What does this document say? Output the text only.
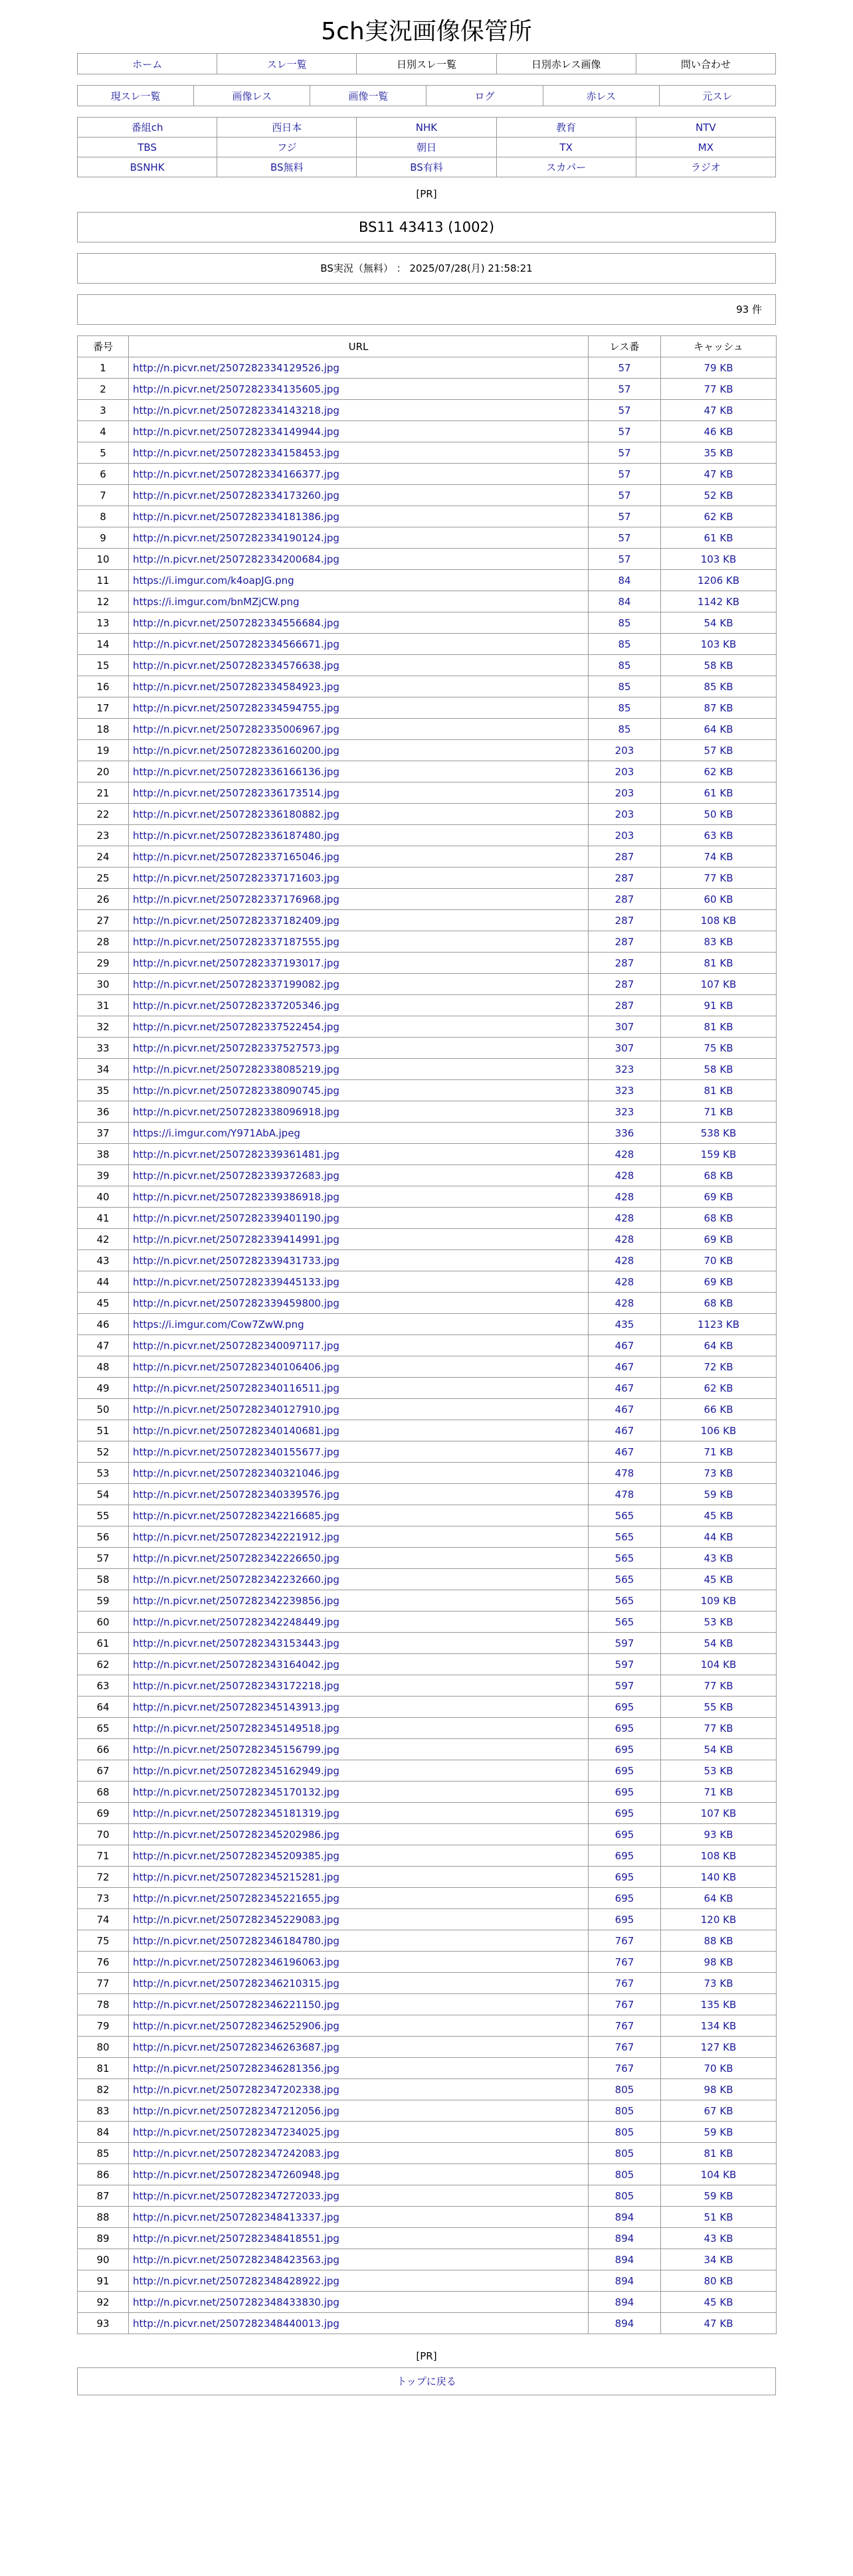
5ch実況画像保管所
ホーム	スレ一覧	日別スレ一覧	日別赤レス画像	問い合わせ
現スレ一覧	画像レス	画像一覧	ログ	赤レス	元スレ
番組ch	西日本	NHK	教育	NTV
TBS	フジ	朝日	TX	MX
BSNHK	BS無料	BS有料	スカパー	ラジオ
[PR]
BS11 43413 (1002)
BS実況（無料） ： 2025/07/28(月) 21:58:21
93 件
番号	URL	レス番	キャッシュ
1	http://n.picvr.net/2507282334129526.jpg	57	79 KB
2	http://n.picvr.net/2507282334135605.jpg	57	77 KB
3	http://n.picvr.net/2507282334143218.jpg	57	47 KB
4	http://n.picvr.net/2507282334149944.jpg	57	46 KB
5	http://n.picvr.net/2507282334158453.jpg	57	35 KB
6	http://n.picvr.net/2507282334166377.jpg	57	47 KB
7	http://n.picvr.net/2507282334173260.jpg	57	52 KB
8	http://n.picvr.net/2507282334181386.jpg	57	62 KB
9	http://n.picvr.net/2507282334190124.jpg	57	61 KB
10	http://n.picvr.net/2507282334200684.jpg	57	103 KB
11	https://i.imgur.com/k4oapJG.png	84	1206 KB
12	https://i.imgur.com/bnMZjCW.png	84	1142 KB
13	http://n.picvr.net/2507282334556684.jpg	85	54 KB
14	http://n.picvr.net/2507282334566671.jpg	85	103 KB
15	http://n.picvr.net/2507282334576638.jpg	85	58 KB
16	http://n.picvr.net/2507282334584923.jpg	85	85 KB
17	http://n.picvr.net/2507282334594755.jpg	85	87 KB
18	http://n.picvr.net/2507282335006967.jpg	85	64 KB
19	http://n.picvr.net/2507282336160200.jpg	203	57 KB
20	http://n.picvr.net/2507282336166136.jpg	203	62 KB
21	http://n.picvr.net/2507282336173514.jpg	203	61 KB
22	http://n.picvr.net/2507282336180882.jpg	203	50 KB
23	http://n.picvr.net/2507282336187480.jpg	203	63 KB
24	http://n.picvr.net/2507282337165046.jpg	287	74 KB
25	http://n.picvr.net/2507282337171603.jpg	287	77 KB
26	http://n.picvr.net/2507282337176968.jpg	287	60 KB
27	http://n.picvr.net/2507282337182409.jpg	287	108 KB
28	http://n.picvr.net/2507282337187555.jpg	287	83 KB
29	http://n.picvr.net/2507282337193017.jpg	287	81 KB
30	http://n.picvr.net/2507282337199082.jpg	287	107 KB
31	http://n.picvr.net/2507282337205346.jpg	287	91 KB
32	http://n.picvr.net/2507282337522454.jpg	307	81 KB
33	http://n.picvr.net/2507282337527573.jpg	307	75 KB
34	http://n.picvr.net/2507282338085219.jpg	323	58 KB
35	http://n.picvr.net/2507282338090745.jpg	323	81 KB
36	http://n.picvr.net/2507282338096918.jpg	323	71 KB
37	https://i.imgur.com/Y971AbA.jpeg	336	538 KB
38	http://n.picvr.net/2507282339361481.jpg	428	159 KB
39	http://n.picvr.net/2507282339372683.jpg	428	68 KB
40	http://n.picvr.net/2507282339386918.jpg	428	69 KB
41	http://n.picvr.net/2507282339401190.jpg	428	68 KB
42	http://n.picvr.net/2507282339414991.jpg	428	69 KB
43	http://n.picvr.net/2507282339431733.jpg	428	70 KB
44	http://n.picvr.net/2507282339445133.jpg	428	69 KB
45	http://n.picvr.net/2507282339459800.jpg	428	68 KB
46	https://i.imgur.com/Cow7ZwW.png	435	1123 KB
47	http://n.picvr.net/2507282340097117.jpg	467	64 KB
48	http://n.picvr.net/2507282340106406.jpg	467	72 KB
49	http://n.picvr.net/2507282340116511.jpg	467	62 KB
50	http://n.picvr.net/2507282340127910.jpg	467	66 KB
51	http://n.picvr.net/2507282340140681.jpg	467	106 KB
52	http://n.picvr.net/2507282340155677.jpg	467	71 KB
53	http://n.picvr.net/2507282340321046.jpg	478	73 KB
54	http://n.picvr.net/2507282340339576.jpg	478	59 KB
55	http://n.picvr.net/2507282342216685.jpg	565	45 KB
56	http://n.picvr.net/2507282342221912.jpg	565	44 KB
57	http://n.picvr.net/2507282342226650.jpg	565	43 KB
58	http://n.picvr.net/2507282342232660.jpg	565	45 KB
59	http://n.picvr.net/2507282342239856.jpg	565	109 KB
60	http://n.picvr.net/2507282342248449.jpg	565	53 KB
61	http://n.picvr.net/2507282343153443.jpg	597	54 KB
62	http://n.picvr.net/2507282343164042.jpg	597	104 KB
63	http://n.picvr.net/2507282343172218.jpg	597	77 KB
64	http://n.picvr.net/2507282345143913.jpg	695	55 KB
65	http://n.picvr.net/2507282345149518.jpg	695	77 KB
66	http://n.picvr.net/2507282345156799.jpg	695	54 KB
67	http://n.picvr.net/2507282345162949.jpg	695	53 KB
68	http://n.picvr.net/2507282345170132.jpg	695	71 KB
69	http://n.picvr.net/2507282345181319.jpg	695	107 KB
70	http://n.picvr.net/2507282345202986.jpg	695	93 KB
71	http://n.picvr.net/2507282345209385.jpg	695	108 KB
72	http://n.picvr.net/2507282345215281.jpg	695	140 KB
73	http://n.picvr.net/2507282345221655.jpg	695	64 KB
74	http://n.picvr.net/2507282345229083.jpg	695	120 KB
75	http://n.picvr.net/2507282346184780.jpg	767	88 KB
76	http://n.picvr.net/2507282346196063.jpg	767	98 KB
77	http://n.picvr.net/2507282346210315.jpg	767	73 KB
78	http://n.picvr.net/2507282346221150.jpg	767	135 KB
79	http://n.picvr.net/2507282346252906.jpg	767	134 KB
80	http://n.picvr.net/2507282346263687.jpg	767	127 KB
81	http://n.picvr.net/2507282346281356.jpg	767	70 KB
82	http://n.picvr.net/2507282347202338.jpg	805	98 KB
83	http://n.picvr.net/2507282347212056.jpg	805	67 KB
84	http://n.picvr.net/2507282347234025.jpg	805	59 KB
85	http://n.picvr.net/2507282347242083.jpg	805	81 KB
86	http://n.picvr.net/2507282347260948.jpg	805	104 KB
87	http://n.picvr.net/2507282347272033.jpg	805	59 KB
88	http://n.picvr.net/2507282348413337.jpg	894	51 KB
89	http://n.picvr.net/2507282348418551.jpg	894	43 KB
90	http://n.picvr.net/2507282348423563.jpg	894	34 KB
91	http://n.picvr.net/2507282348428922.jpg	894	80 KB
92	http://n.picvr.net/2507282348433830.jpg	894	45 KB
93	http://n.picvr.net/2507282348440013.jpg	894	47 KB
[PR]
トップに戻る
